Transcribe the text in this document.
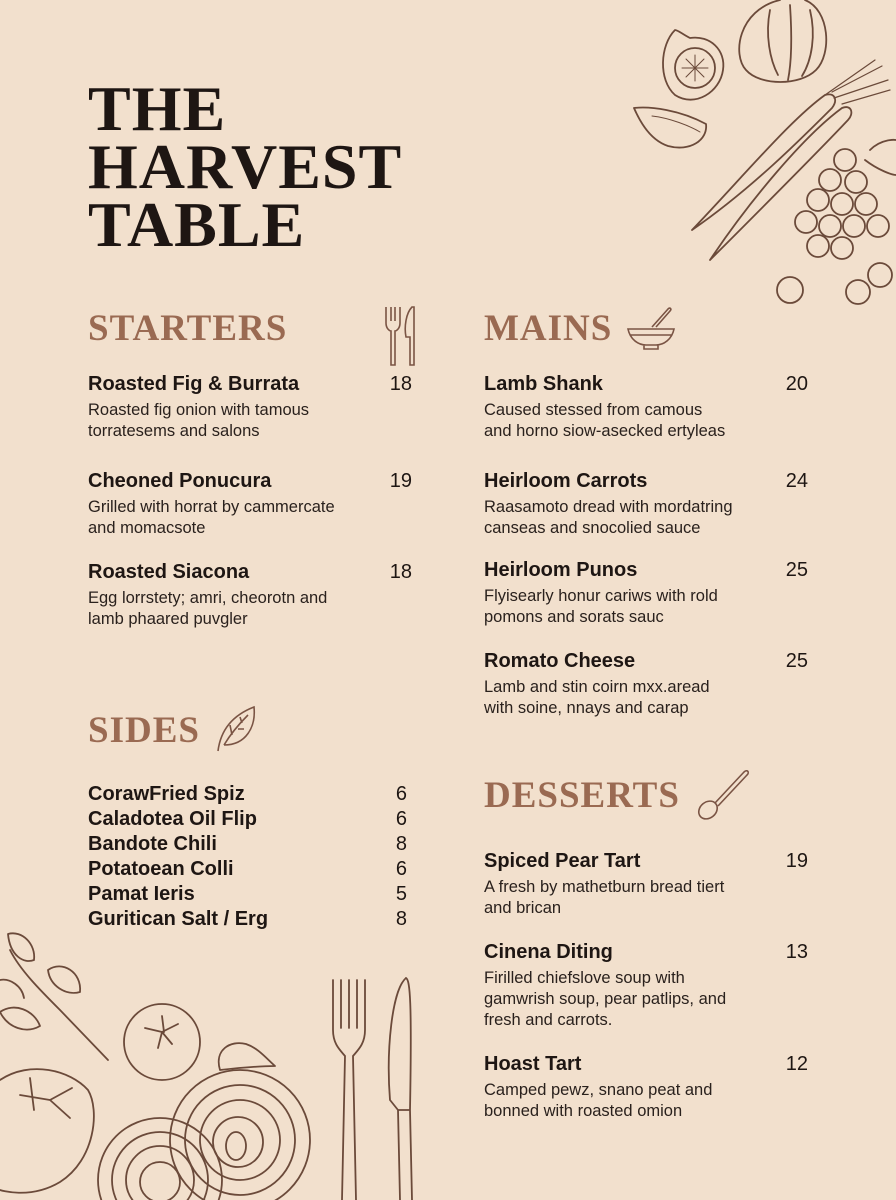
THE
HARVEST
TABLE
STARTERS
Roasted Fig & Burrata	18
Roasted fig onion with tamous torratesems and salons
Cheoned Ponucura	19
Grilled with horrat by cammercate and momacsote
Roasted Siacona	18
Egg lorrstety; amri, cheorotn and lamb phaared puvgler
SIDES
CorawFried Spiz	6
Caladotea Oil Flip	6
Bandote Chili	8
Potatoean Colli	6
Pamat Ieris	5
Guritican Salt / Erg	8
MAINS
Lamb Shank	20
Caused stessed from camous and horno siow-asecked ertyleas
Heirloom Carrots	24
Raasamoto dread with mordatring canseas and snocolied sauce
Heirloom Punos	25
Flyisearly honur cariws with rold pomons and sorats sauc
Romato Cheese	25
Lamb and stin coirn mxx.aread with soine, nnays and carap
DESSERTS
Spiced Pear Tart	19
A fresh by mathetburn bread tiert and brican
Cinena Diting	13
Firilled chiefslove soup with gamwrish soup, pear patlips, and fresh and carrots.
Hoast Tart	12
Camped pewz, snano peat and bonned with roasted omion
